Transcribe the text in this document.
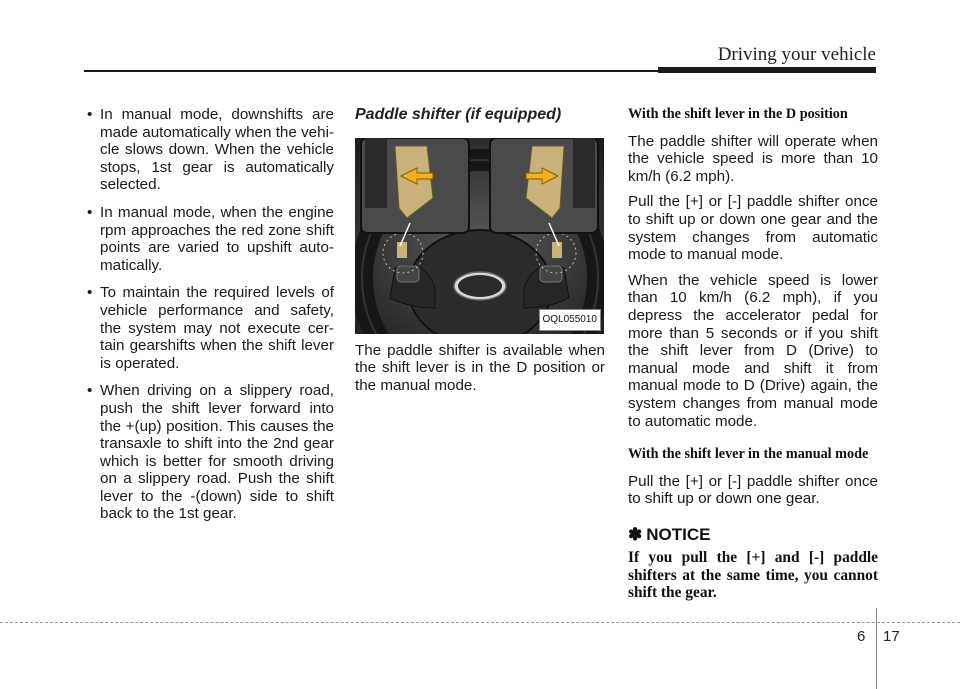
Driving your vehicle
• In manual mode, downshifts are made automatically when the vehi-cle slows down. When the vehicle stops, 1st gear is automatically selected.
• In manual mode, when the engine rpm approaches the red zone shift points are varied to upshift auto-matically.
• To maintain the required levels of vehicle performance and safety, the system may not execute cer-tain gearshifts when the shift lever is operated.
• When driving on a slippery road, push the shift lever forward into the +(up) position. This causes the transaxle to shift into the 2nd gear which is better for smooth driving on a slippery road. Push the shift lever to the -(down) side to shift back to the 1st gear.
Paddle shifter (if equipped)
OQL055010

The paddle shifter is available when the shift lever is in the D position or the manual mode.

With the shift lever in the D position

The paddle shifter will operate when the vehicle speed is more than 10 km/h (6.2 mph).

Pull the [+] or [-] paddle shifter once to shift up or down one gear and the system changes from automatic mode to manual mode.

When the vehicle speed is lower than 10 km/h (6.2 mph), if you depress the accelerator pedal for more than 5 seconds or if you shift the shift lever from D (Drive) to manual mode and shift it from manual mode to D (Drive) again, the system changes from manual mode to automatic mode.

With the shift lever in the manual mode

Pull the [+] or [-] paddle shifter once to shift up or down one gear.

✽ NOTICE

If you pull the [+] and [-] paddle shifters at the same time, you cannot shift the gear.

6 17
